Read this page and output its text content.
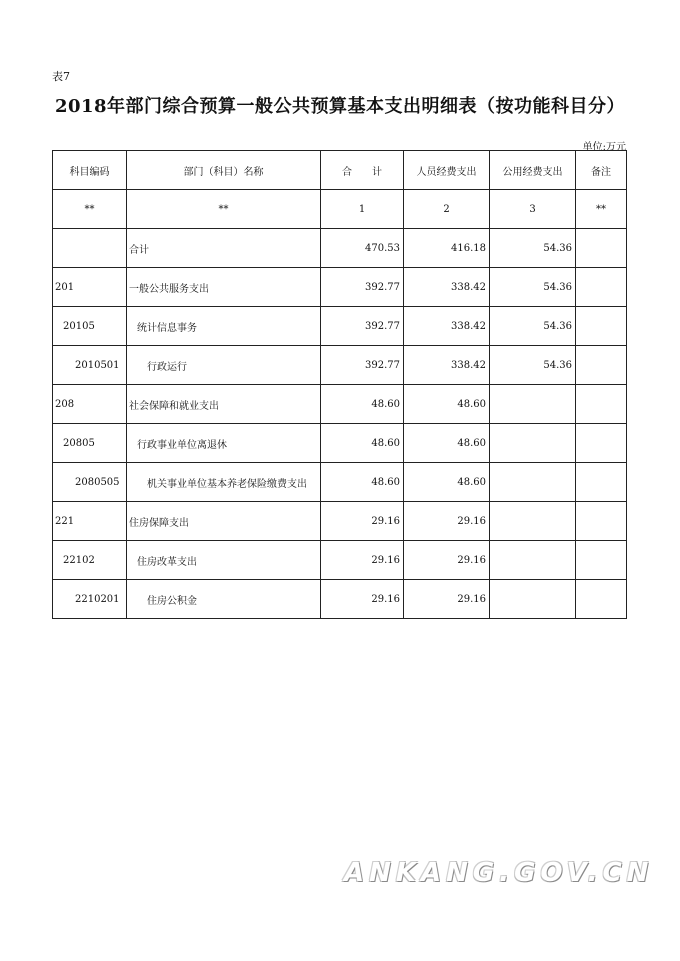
表7
2018年部门综合预算一般公共预算基本支出明细表（按功能科目分）
单位:万元
科目编码	部门（科目）名称	合　　计	人员经费支出	公用经费支出	备注
**	**	1	2	3	**
	合计	470.53	416.18	54.36	
201	一般公共服务支出	392.77	338.42	54.36	
20105	统计信息事务	392.77	338.42	54.36	
2010501	行政运行	392.77	338.42	54.36	
208	社会保障和就业支出	48.60	48.60		
20805	行政事业单位离退休	48.60	48.60		
2080505	机关事业单位基本养老保险缴费支出	48.60	48.60		
221	住房保障支出	29.16	29.16		
22102	住房改革支出	29.16	29.16		
2210201	住房公积金	29.16	29.16		
ANKANG.GOV.CN
